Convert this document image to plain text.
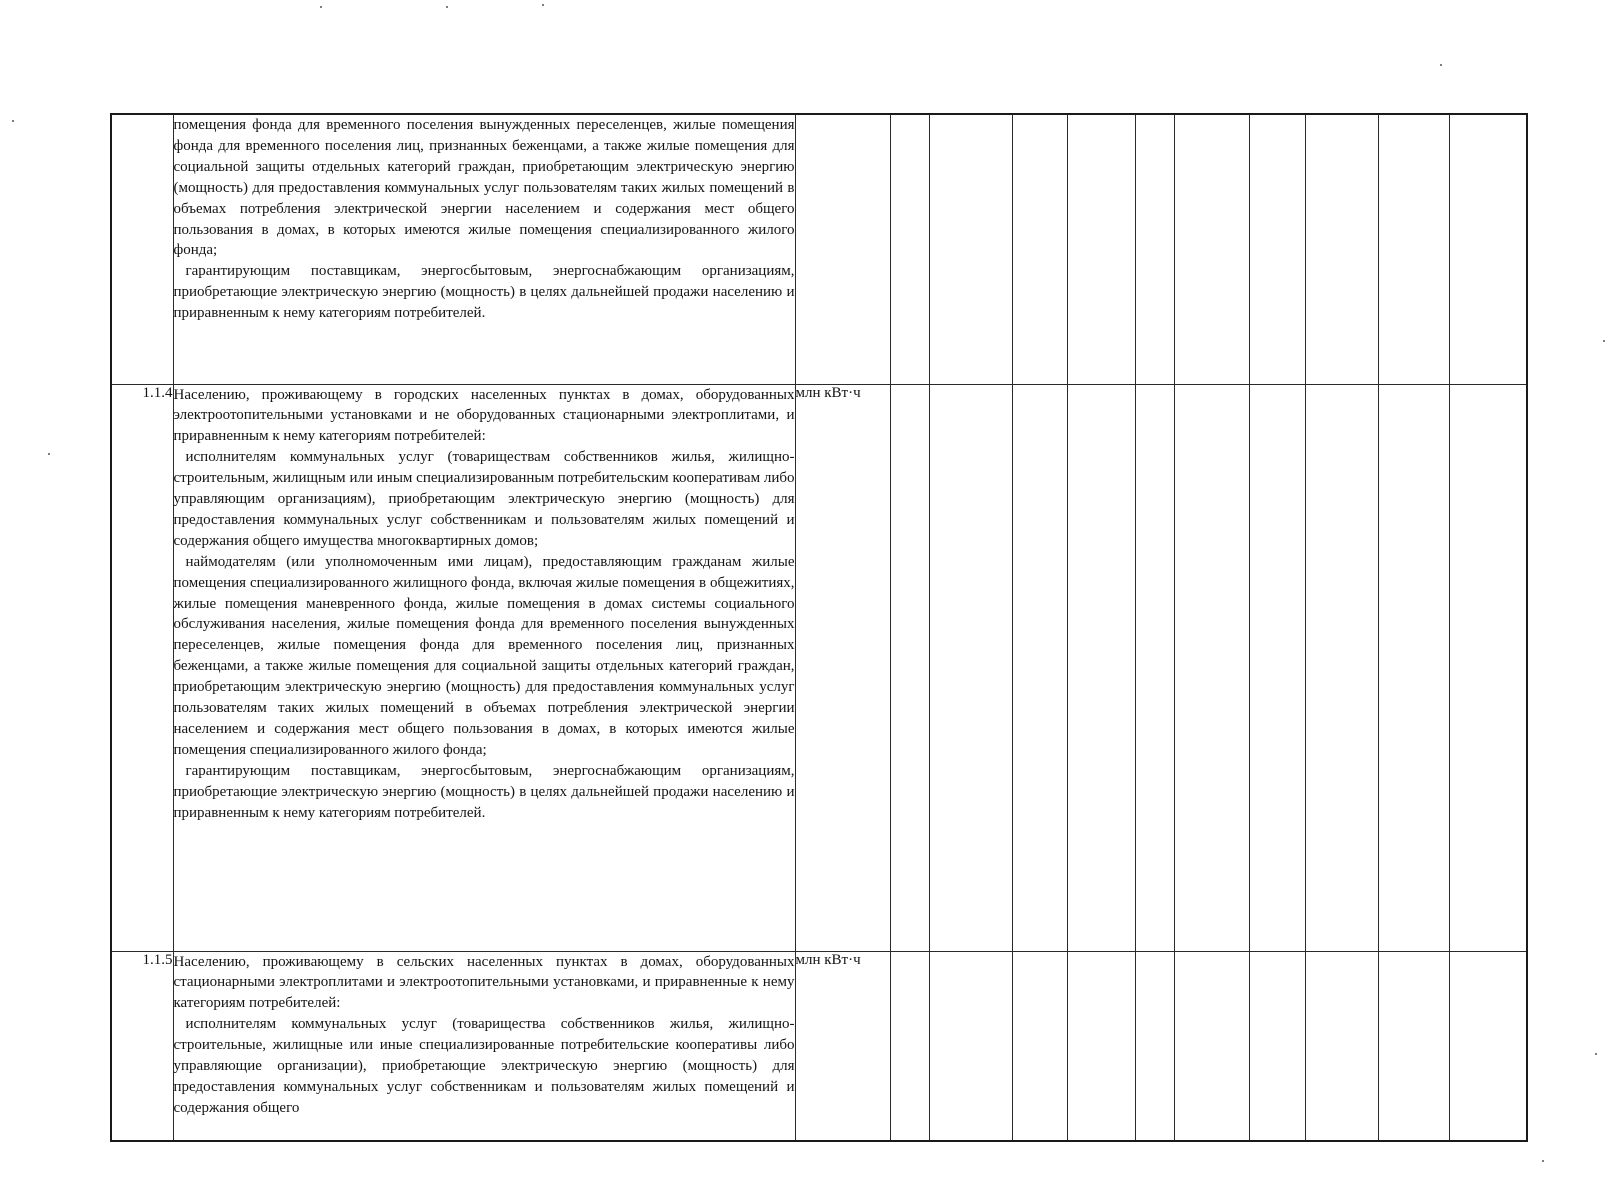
	помещения фонда для временного поселения вынужденных переселенцев, жилые помещения фонда для временного поселения лиц, признанных беженцами, а также жилые помещения для социальной защиты отдельных категорий граждан, приобретающим электрическую энергию (мощность) для предоставления коммунальных услуг пользователям таких жилых помещений в объемах потребления электрической энергии населением и содержания мест общего пользования в домах, в которых имеются жилые помещения специализированного жилого фонда;

гарантирующим поставщикам, энергосбытовым, энергоснабжающим организациям, приобретающие электрическую энергию (мощность) в целях дальнейшей продажи населению и приравненным к нему категориям потребителей.											

1.1.4	Населению, проживающему в городских населенных пунктах в домах, оборудованных электроотопительными установками и не оборудованных стационарными электроплитами, и приравненным к нему категориям потребителей:

исполнителям коммунальных услуг (товариществам собственников жилья, жилищно-строительным, жилищным или иным специализированным потребительским кооперативам либо управляющим организациям), приобретающим электрическую энергию (мощность) для предоставления коммунальных услуг собственникам и пользователям жилых помещений и содержания общего имущества многоквартирных домов;

наймодателям (или уполномоченным ими лицам), предоставляющим гражданам жилые помещения специализированного жилищного фонда, включая жилые помещения в общежитиях, жилые помещения маневренного фонда, жилые помещения в домах системы социального обслуживания населения, жилые помещения фонда для временного поселения вынужденных переселенцев, жилые помещения фонда для временного поселения лиц, признанных беженцами, а также жилые помещения для социальной защиты отдельных категорий граждан, приобретающим электрическую энергию (мощность) для предоставления коммунальных услуг пользователям таких жилых помещений в объемах потребления электрической энергии населением и содержания мест общего пользования в домах, в которых имеются жилые помещения специализированного жилого фонда;

гарантирующим поставщикам, энергосбытовым, энергоснабжающим организациям, приобретающие электрическую энергию (мощность) в целях дальнейшей продажи населению и приравненным к нему категориям потребителей.	млн кВт·ч										
1.1.5	Населению, проживающему в сельских населенных пунктах в домах, оборудованных стационарными электроплитами и электроотопительными установками, и приравненные к нему категориям потребителей:

исполнителям коммунальных услуг (товарищества собственников жилья, жилищно-строительные, жилищные или иные специализированные потребительские кооперативы либо управляющие организации), приобретающие электрическую энергию (мощность) для предоставления коммунальных услуг собственникам и пользователям жилых помещений и содержания общего	млн кВт·ч										
